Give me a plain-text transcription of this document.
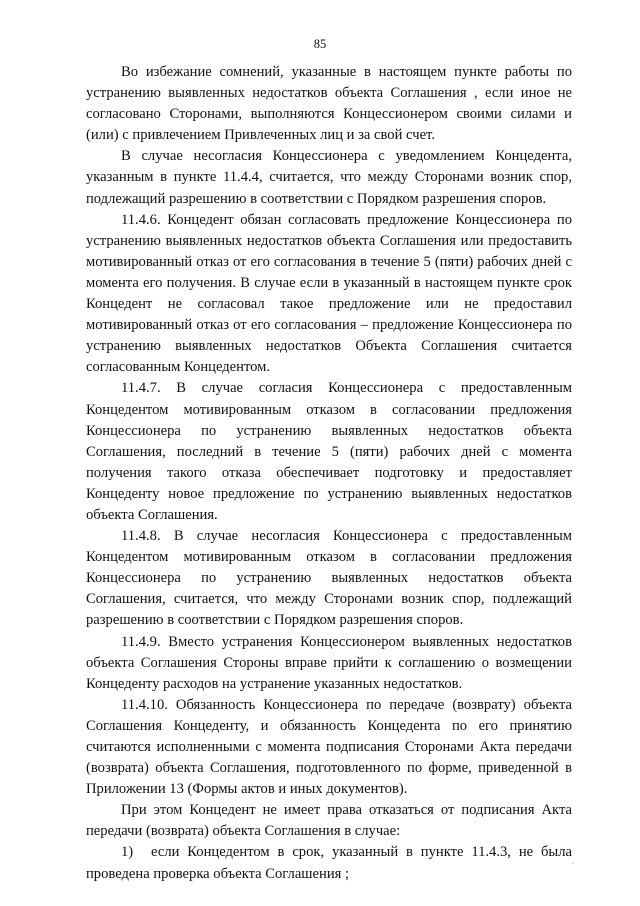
85

Во избежание сомнений, указанные в настоящем пункте работы по устранению выявленных недостатков объекта Соглашения , если иное не согласовано Сторонами, выполняются Концессионером своими силами и (или) с привлечением Привлеченных лиц и за свой счет.

В случае несогласия Концессионера с уведомлением Концедента, указанным в пункте 11.4.4, считается, что между Сторонами возник спор, подлежащий разрешению в соответствии с Порядком разрешения споров.

11.4.6. Концедент обязан согласовать предложение Концессионера по устранению выявленных недостатков объекта Соглашения или предоставить мотивированный отказ от его согласования в течение 5 (пяти) рабочих дней с момента его получения. В случае если в указанный в настоящем пункте срок Концедент не согласовал такое предложение или не предоставил мотивированный отказ от его согласования – предложение Концессионера по устранению выявленных недостатков Объекта Соглашения считается согласованным Концедентом.

11.4.7. В случае согласия Концессионера с предоставленным Концедентом мотивированным отказом в согласовании предложения Концессионера по устранению выявленных недостатков объекта Соглашения, последний в течение 5 (пяти) рабочих дней с момента получения такого отказа обеспечивает подготовку и предоставляет Концеденту новое предложение по устранению выявленных недостатков объекта Соглашения.

11.4.8. В случае несогласия Концессионера с предоставленным Концедентом мотивированным отказом в согласовании предложения Концессионера по устранению выявленных недостатков объекта Соглашения, считается, что между Сторонами возник спор, подлежащий разрешению в соответствии с Порядком разрешения споров.

11.4.9. Вместо устранения Концессионером выявленных недостатков объекта Соглашения Стороны вправе прийти к соглашению о возмещении Концеденту расходов на устранение указанных недостатков.

11.4.10. Обязанность Концессионера по передаче (возврату) объекта Соглашения Концеденту, и обязанность Концедента по его принятию считаются исполненными с момента подписания Сторонами Акта передачи (возврата) объекта Соглашения, подготовленного по форме, приведенной в Приложении 13 (Формы актов и иных документов).

При этом Концедент не имеет права отказаться от подписания Акта передачи (возврата) объекта Соглашения в случае:

1) если Концедентом в срок, указанный в пункте 11.4.3, не была проведена проверка объекта Соглашения ;

.
